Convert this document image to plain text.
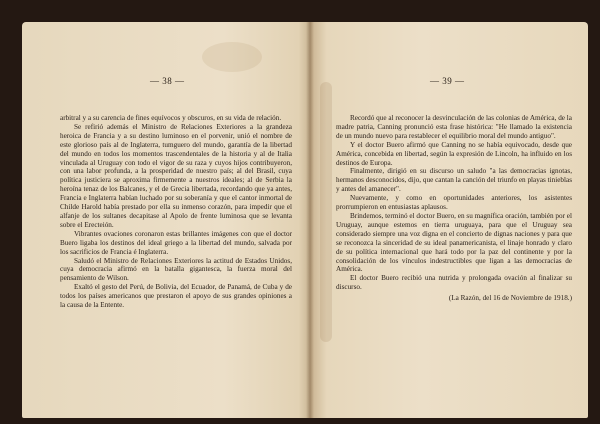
— 38 —

arbitral y a su carencia de fines equívocos y obscuros, en su vida de relación.

Se refirió además el Ministro de Relaciones Exteriores a la grandeza heroica de Francia y a su destino luminoso en el porvenir, unió el nombre de este glorioso país al de Inglaterra, tumguero del mundo, garantía de la libertad del mundo en todos los momentos trascendentales de la historia y al de Italia vinculada al Uruguay con todo el vigor de su raza y cuyos hijos contribuyeron, con una labor profunda, a la prosperidad de nuestro país; al del Brasil, cuya política justiciera se aproxima firmemente a nuestros ideales; al de Serbia la heroína tenaz de los Balcanes, y el de Grecia libertada, recordando que ya antes, Francia e Inglaterra habían luchado por su soberanía y que el cantor inmortal de Childe Harold había prestado por ella su inmenso corazón, para impedir que el alfanje de los sultanes decapitase al Apolo de frente luminosa que se levanta sobre el Erecteión.

Vibrantes ovaciones coronaron estas brillantes imágenes con que el doctor Buero ligaba los destinos del ideal griego a la libertad del mundo, salvada por los sacrificios de Francia é Inglaterra.

Saludó el Ministro de Relaciones Exteriores la actitud de Estados Unidos, cuya democracia afirmó en la batalla gigantesca, la fuerza moral del pensamiento de Wilson.

Exaltó el gesto del Perú, de Bolivia, del Ecuador, de Panamá, de Cuba y de todos los países americanos que prestaron el apoyo de sus grandes opiniones a la causa de la Entente.

— 39 —

Recordó que al reconocer la desvinculación de las colonias de América, de la madre patria, Canning pronunció esta frase histórica: "He llamado la existencia de un mundo nuevo para restablecer el equilibrio moral del mundo antiguo".

Y el doctor Buero afirmó que Canning no se había equivocado, desde que América, concebida en libertad, según la expresión de Lincoln, ha influido en los destinos de Europa.

Finalmente, dirigió en su discurso un saludo "a las democracias ignotas, hermanos desconocidos, dijo, que cantan la canción del triunfo en playas tinieblas y antes del amanecer".

Nuevamente, y como en oportunidades anteriores, los asistentes prorrumpieron en entusiastas aplausos.

Brindemos, terminó el doctor Buero, en su magnífica oración, también por el Uruguay, aunque estemos en tierra uruguaya, para que el Uruguay sea considerado siempre una voz digna en el concierto de dignas naciones y para que se reconozca la sinceridad de su ideal panamericanista, el linaje honrado y claro de su política internacional que hará todo por la paz del continente y por la consolidación de los vínculos indestructibles que ligan a las democracias de América.

El doctor Buero recibió una nutrida y prolongada ovación al finalizar su discurso.

(La Razón, del 16 de Noviembre de 1918.)
